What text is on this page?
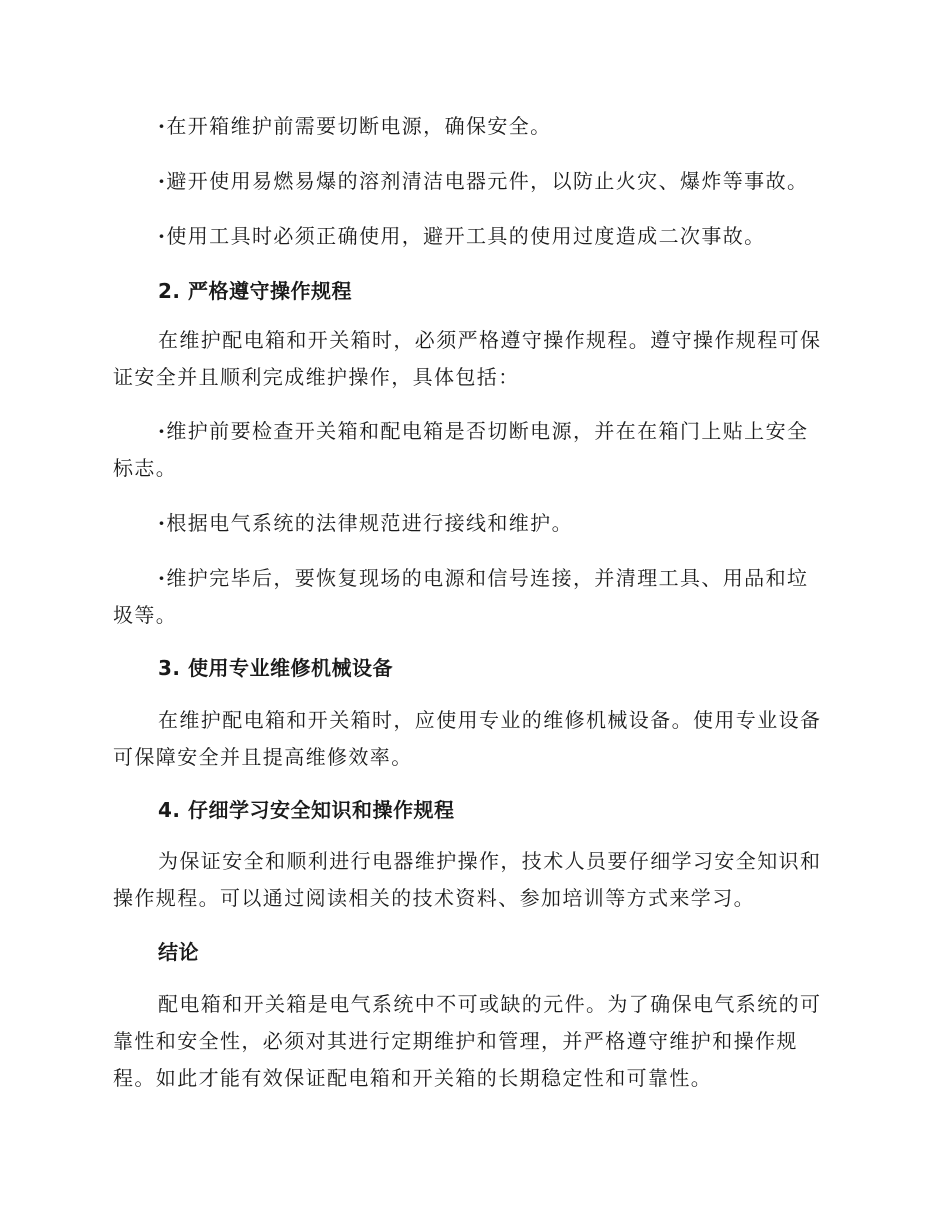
·在开箱维护前需要切断电源，确保安全。

·避开使用易燃易爆的溶剂清洁电器元件，以防止火灾、爆炸等事故。

·使用工具时必须正确使用，避开工具的使用过度造成二次事故。

2. 严格遵守操作规程

在维护配电箱和开关箱时，必须严格遵守操作规程。遵守操作规程可保证安全并且顺利完成维护操作，具体包括：

·维护前要检查开关箱和配电箱是否切断电源，并在在箱门上贴上安全标志。

·根据电气系统的法律规范进行接线和维护。

·维护完毕后，要恢复现场的电源和信号连接，并清理工具、用品和垃圾等。

3. 使用专业维修机械设备

在维护配电箱和开关箱时，应使用专业的维修机械设备。使用专业设备可保障安全并且提高维修效率。

4. 仔细学习安全知识和操作规程

为保证安全和顺利进行电器维护操作，技术人员要仔细学习安全知识和操作规程。可以通过阅读相关的技术资料、参加培训等方式来学习。

结论

配电箱和开关箱是电气系统中不可或缺的元件。为了确保电气系统的可靠性和安全性，必须对其进行定期维护和管理，并严格遵守维护和操作规程。如此才能有效保证配电箱和开关箱的长期稳定性和可靠性。
